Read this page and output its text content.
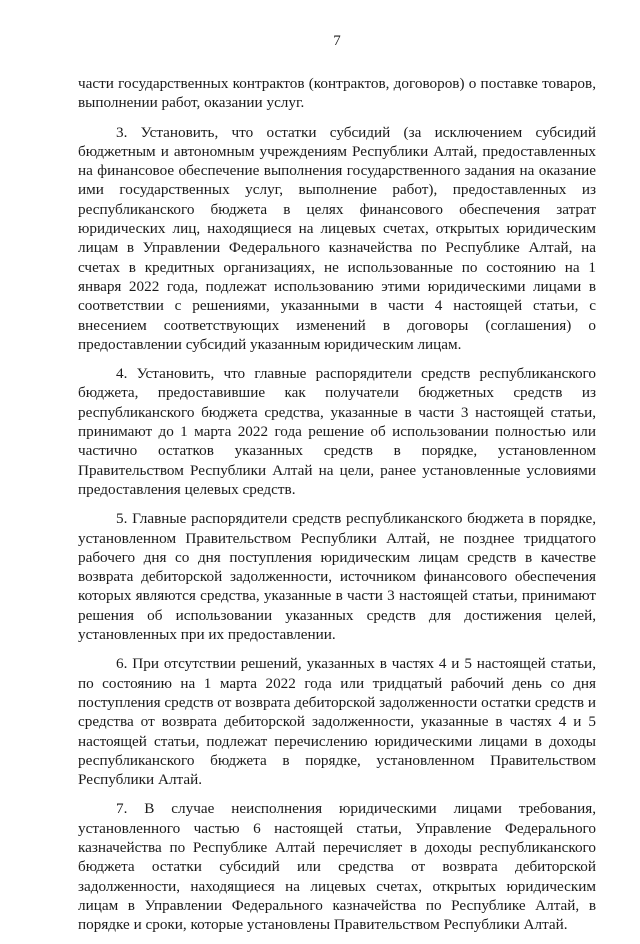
7

части государственных контрактов (контрактов, договоров) о поставке товаров, выполнении работ, оказании услуг.

3. Установить, что остатки субсидий (за исключением субсидий бюджетным и автономным учреждениям Республики Алтай, предоставленных на финансовое обеспечение выполнения государственного задания на оказание ими государственных услуг, выполнение работ), предоставленных из республиканского бюджета в целях финансового обеспечения затрат юридических лиц, находящиеся на лицевых счетах, открытых юридическим лицам в Управлении Федерального казначейства по Республике Алтай, на счетах в кредитных организациях, не использованные по состоянию на 1 января 2022 года, подлежат использованию этими юридическими лицами в соответствии с решениями, указанными в части 4 настоящей статьи, с внесением соответствующих изменений в договоры (соглашения) о предоставлении субсидий указанным юридическим лицам.

4. Установить, что главные распорядители средств республиканского бюджета, предоставившие как получатели бюджетных средств из республиканского бюджета средства, указанные в части 3 настоящей статьи, принимают до 1 марта 2022 года решение об использовании полностью или частично остатков указанных средств в порядке, установленном Правительством Республики Алтай на цели, ранее установленные условиями предоставления целевых средств.

5. Главные распорядители средств республиканского бюджета в порядке, установленном Правительством Республики Алтай, не позднее тридцатого рабочего дня со дня поступления юридическим лицам средств в качестве возврата дебиторской задолженности, источником финансового обеспечения которых являются средства, указанные в части 3 настоящей статьи, принимают решения об использовании указанных средств для достижения целей, установленных при их предоставлении.

6. При отсутствии решений, указанных в частях 4 и 5 настоящей статьи, по состоянию на 1 марта 2022 года или тридцатый рабочий день со дня поступления средств от возврата дебиторской задолженности остатки средств и средства от возврата дебиторской задолженности, указанные в частях 4 и 5 настоящей статьи, подлежат перечислению юридическими лицами в доходы республиканского бюджета в порядке, установленном Правительством Республики Алтай.

7. В случае неисполнения юридическими лицами требования, установленного частью 6 настоящей статьи, Управление Федерального казначейства по Республике Алтай перечисляет в доходы республиканского бюджета остатки субсидий или средства от возврата дебиторской задолженности, находящиеся на лицевых счетах, открытых юридическим лицам в Управлении Федерального казначейства по Республике Алтай, в порядке и сроки, которые установлены Правительством Республики Алтай.
